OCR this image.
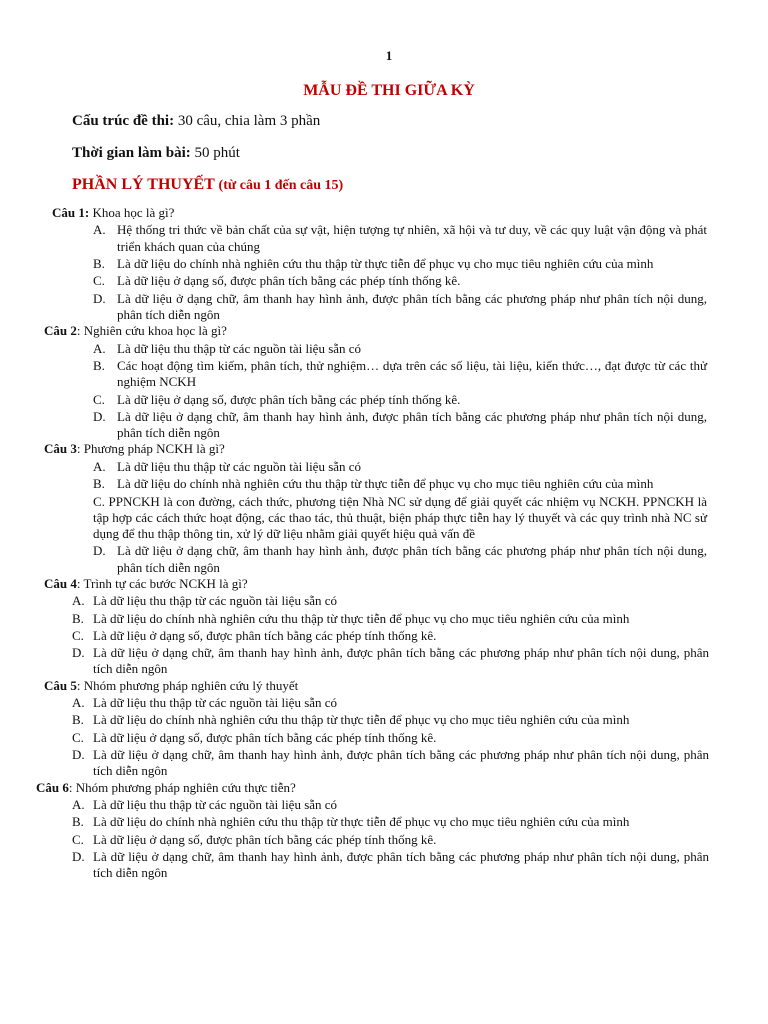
1
MẪU ĐỀ THI GIỮA KỲ
Cấu trúc đề thi: 30 câu, chia làm 3 phần
Thời gian làm bài: 50 phút
PHẦN LÝ THUYẾT (từ câu 1 đến câu 15)
Câu 1: Khoa học là gì?
A. Hệ thống tri thức về bản chất của sự vật, hiện tượng tự nhiên, xã hội và tư duy, về các quy luật vận động và phát triển khách quan của chúng
B. Là dữ liệu do chính nhà nghiên cứu thu thập từ thực tiễn để phục vụ cho mục tiêu nghiên cứu của mình
C. Là dữ liệu ở dạng số, được phân tích bằng các phép tính thống kê.
D. Là dữ liệu ở dạng chữ, âm thanh hay hình ảnh, được phân tích bằng các phương pháp như phân tích nội dung, phân tích diễn ngôn
Câu 2: Nghiên cứu khoa học là gì?
A. Là dữ liệu thu thập từ các nguồn tài liệu sẵn có
B. Các hoạt động tìm kiếm, phân tích, thử nghiệm… dựa trên các số liệu, tài liệu, kiến thức…, đạt được từ các thử nghiệm NCKH
C. Là dữ liệu ở dạng số, được phân tích bằng các phép tính thống kê.
D. Là dữ liệu ở dạng chữ, âm thanh hay hình ảnh, được phân tích bằng các phương pháp như phân tích nội dung, phân tích diễn ngôn
Câu 3: Phương pháp NCKH là gì?
A. Là dữ liệu thu thập từ các nguồn tài liệu sẵn có
B. Là dữ liệu do chính nhà nghiên cứu thu thập từ thực tiễn để phục vụ cho mục tiêu nghiên cứu của mình
C. PPNCKH là con đường, cách thức, phương tiện Nhà NC sử dụng để giải quyết các nhiệm vụ NCKH. PPNCKH là tập hợp các cách thức hoạt động, các thao tác, thủ thuật, biện pháp thực tiễn hay lý thuyết và các quy trình nhà NC sử dụng để thu thập thông tin, xử lý dữ liệu nhằm giải quyết hiệu quả vấn đề
D. Là dữ liệu ở dạng chữ, âm thanh hay hình ảnh, được phân tích bằng các phương pháp như phân tích nội dung, phân tích diễn ngôn
Câu 4: Trình tự các bước NCKH là gì?
A. Là dữ liệu thu thập từ các nguồn tài liệu sẵn có
B. Là dữ liệu do chính nhà nghiên cứu thu thập từ thực tiễn để phục vụ cho mục tiêu nghiên cứu của mình
C. Là dữ liệu ở dạng số, được phân tích bằng các phép tính thống kê.
D. Là dữ liệu ở dạng chữ, âm thanh hay hình ảnh, được phân tích bằng các phương pháp như phân tích nội dung, phân tích diễn ngôn
Câu 5: Nhóm phương pháp nghiên cứu lý thuyết
A. Là dữ liệu thu thập từ các nguồn tài liệu sẵn có
B. Là dữ liệu do chính nhà nghiên cứu thu thập từ thực tiễn để phục vụ cho mục tiêu nghiên cứu của mình
C. Là dữ liệu ở dạng số, được phân tích bằng các phép tính thống kê.
D. Là dữ liệu ở dạng chữ, âm thanh hay hình ảnh, được phân tích bằng các phương pháp như phân tích nội dung, phân tích diễn ngôn
Câu 6: Nhóm phương pháp nghiên cứu thực tiễn?
A. Là dữ liệu thu thập từ các nguồn tài liệu sẵn có
B. Là dữ liệu do chính nhà nghiên cứu thu thập từ thực tiễn để phục vụ cho mục tiêu nghiên cứu của mình
C. Là dữ liệu ở dạng số, được phân tích bằng các phép tính thống kê.
D. Là dữ liệu ở dạng chữ, âm thanh hay hình ảnh, được phân tích bằng các phương pháp như phân tích nội dung, phân tích diễn ngôn
